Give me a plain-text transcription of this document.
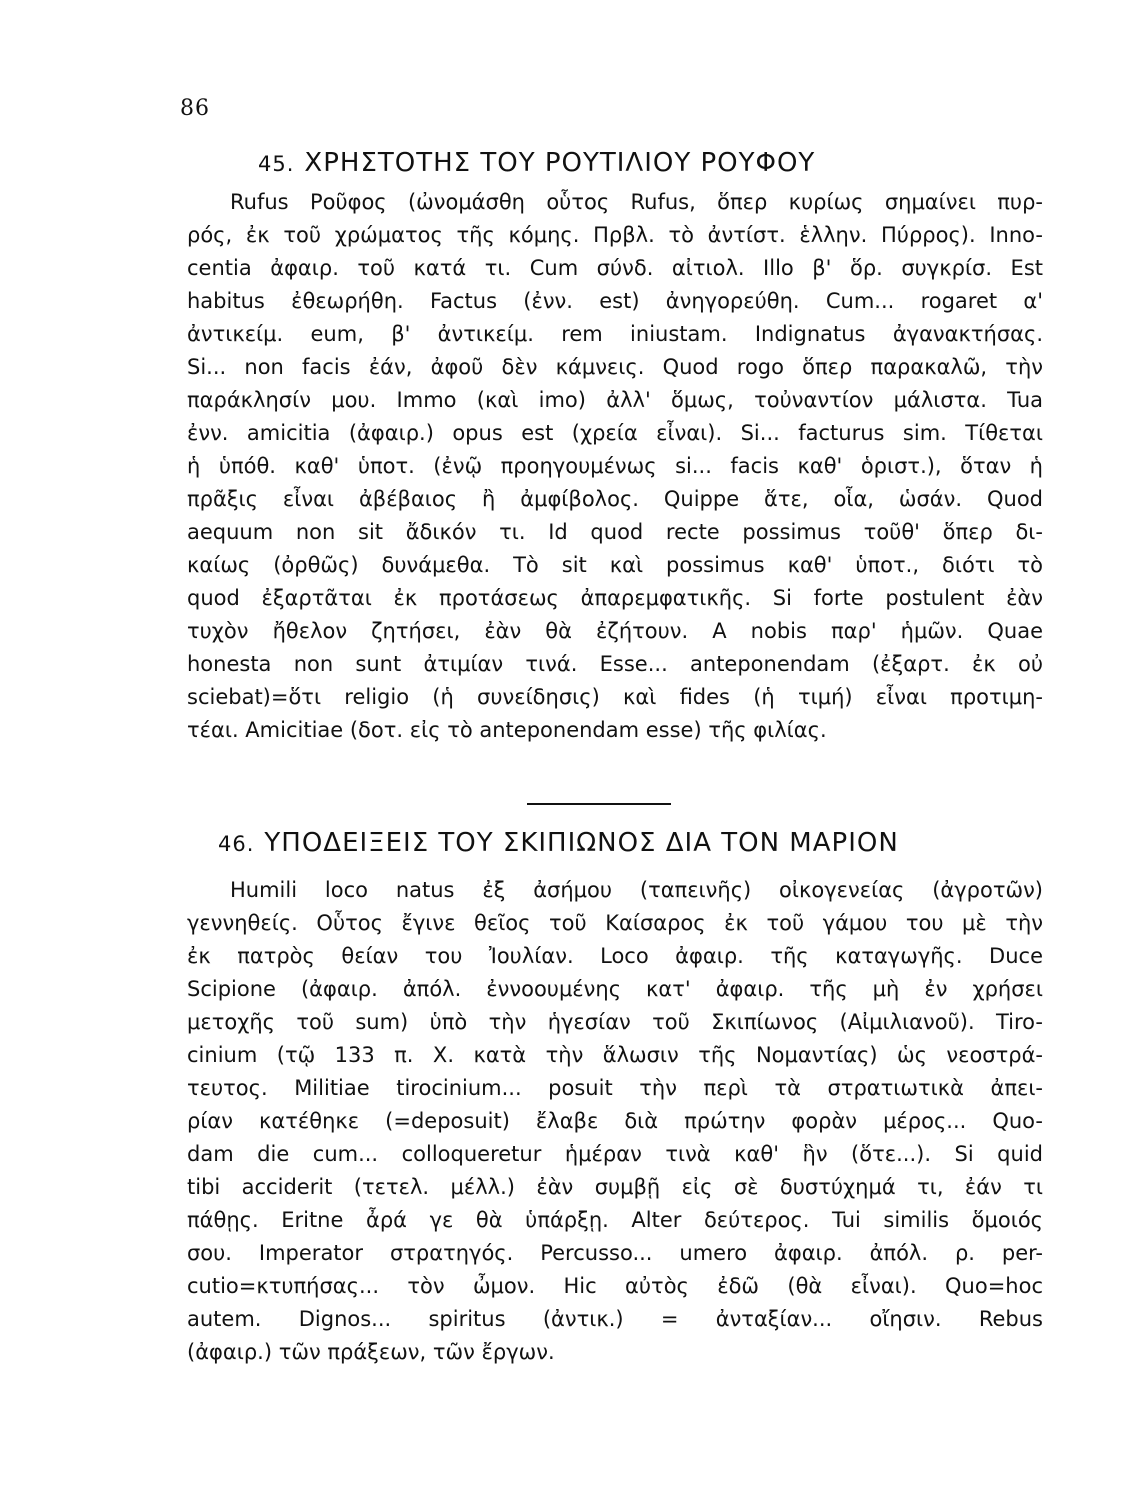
86
45. ΧΡΗΣΤΟΤΗΣ ΤΟΥ ΡΟΥΤΙΛΙΟΥ ΡΟΥΦΟΥ
Rufus Ροῦφος (ὠνομάσθη οὗτος Rufus, ὅπερ κυρίως σημαίνει πυρ-
ρός, ἐκ τοῦ χρώματος τῆς κόμης. Πρβλ. τὸ ἀντίστ. ἑλλην. Πύρρος). Inno-
centia ἀφαιρ. τοῦ κατά τι. Cum σύνδ. αἰτιολ. Illo β' ὅρ. συγκρίσ. Est
habitus ἐθεωρήθη. Factus (ἐνν. est) ἀνηγορεύθη. Cum... rogaret α'
ἀντικείμ. eum, β' ἀντικείμ. rem iniustam. Indignatus ἀγανακτήσας.
Si... non facis ἐάν, ἀφοῦ δὲν κάμνεις. Quod rogo ὅπερ παρακαλῶ, τὴν
παράκλησίν μου. Immo (καὶ imo) ἀλλ' ὅμως, τοὐναντίον μάλιστα. Tua
ἐνν. amicitia (ἀφαιρ.) opus est (χρεία εἶναι). Si... facturus sim. Τίθεται
ἡ ὑπόθ. καθ' ὑποτ. (ἐνῷ προηγουμένως si... facis καθ' ὁριστ.), ὅταν ἡ
πρᾶξις εἶναι ἀβέβαιος ἢ ἀμφίβολος. Quippe ἅτε, οἷα, ὡσάν. Quod
aequum non sit ἄδικόν τι. Id quod recte possimus τοῦθ' ὅπερ δι-
καίως (ὀρθῶς) δυνάμεθα. Τὸ sit καὶ possimus καθ' ὑποτ., διότι τὸ
quod ἐξαρτᾶται ἐκ προτάσεως ἀπαρεμφατικῆς. Si forte postulent ἐὰν
τυχὸν ἤθελον ζητήσει, ἐὰν θὰ ἐζήτουν. A nobis παρ' ἡμῶν. Quae
honesta non sunt ἀτιμίαν τινά. Esse... anteponendam (ἐξαρτ. ἐκ οὐ
sciebat)=ὅτι religio (ἡ συνείδησις) καὶ fides (ἡ τιμή) εἶναι προτιμη-
τέαι. Amicitiae (δοτ. εἰς τὸ anteponendam esse) τῆς φιλίας.
46. ΥΠΟΔΕΙΞΕΙΣ ΤΟΥ ΣΚΙΠΙΩΝΟΣ ΔΙΑ ΤΟΝ ΜΑΡΙΟΝ
Humili loco natus ἐξ ἀσήμου (ταπεινῆς) οἰκογενείας (ἀγροτῶν)
γεννηθείς. Οὗτος ἔγινε θεῖος τοῦ Καίσαρος ἐκ τοῦ γάμου του μὲ τὴν
ἐκ πατρὸς θείαν του Ἰουλίαν. Loco ἀφαιρ. τῆς καταγωγῆς. Duce
Scipione (ἀφαιρ. ἀπόλ. ἐννοουμένης κατ' ἀφαιρ. τῆς μὴ ἐν χρήσει
μετοχῆς τοῦ sum) ὑπὸ τὴν ἡγεσίαν τοῦ Σκιπίωνος (Αἰμιλιανοῦ). Tiro-
cinium (τῷ 133 π. Χ. κατὰ τὴν ἅλωσιν τῆς Νομαντίας) ὡς νεοστρά-
τευτος. Militiae tirocinium... posuit τὴν περὶ τὰ στρατιωτικὰ ἀπει-
ρίαν κατέθηκε (=deposuit) ἔλαβε διὰ πρώτην φορὰν μέρος... Quo-
dam die cum... colloqueretur ἡμέραν τινὰ καθ' ἣν (ὅτε...). Si quid
tibi acciderit (τετελ. μέλλ.) ἐὰν συμβῇ εἰς σὲ δυστύχημά τι, ἐάν τι
πάθῃς. Eritne ἆρά γε θὰ ὑπάρξῃ. Alter δεύτερος. Tui similis ὅμοιός
σου. Imperator στρατηγός. Percusso... umero ἀφαιρ. ἀπόλ. ρ. per-
cutio=κτυπήσας... τὸν ὦμον. Hic αὐτὸς ἐδῶ (θὰ εἶναι). Quo=hoc
autem. Dignos... spiritus (ἀντικ.) = ἀνταξίαν... οἴησιν. Rebus
(ἀφαιρ.) τῶν πράξεων, τῶν ἔργων.
